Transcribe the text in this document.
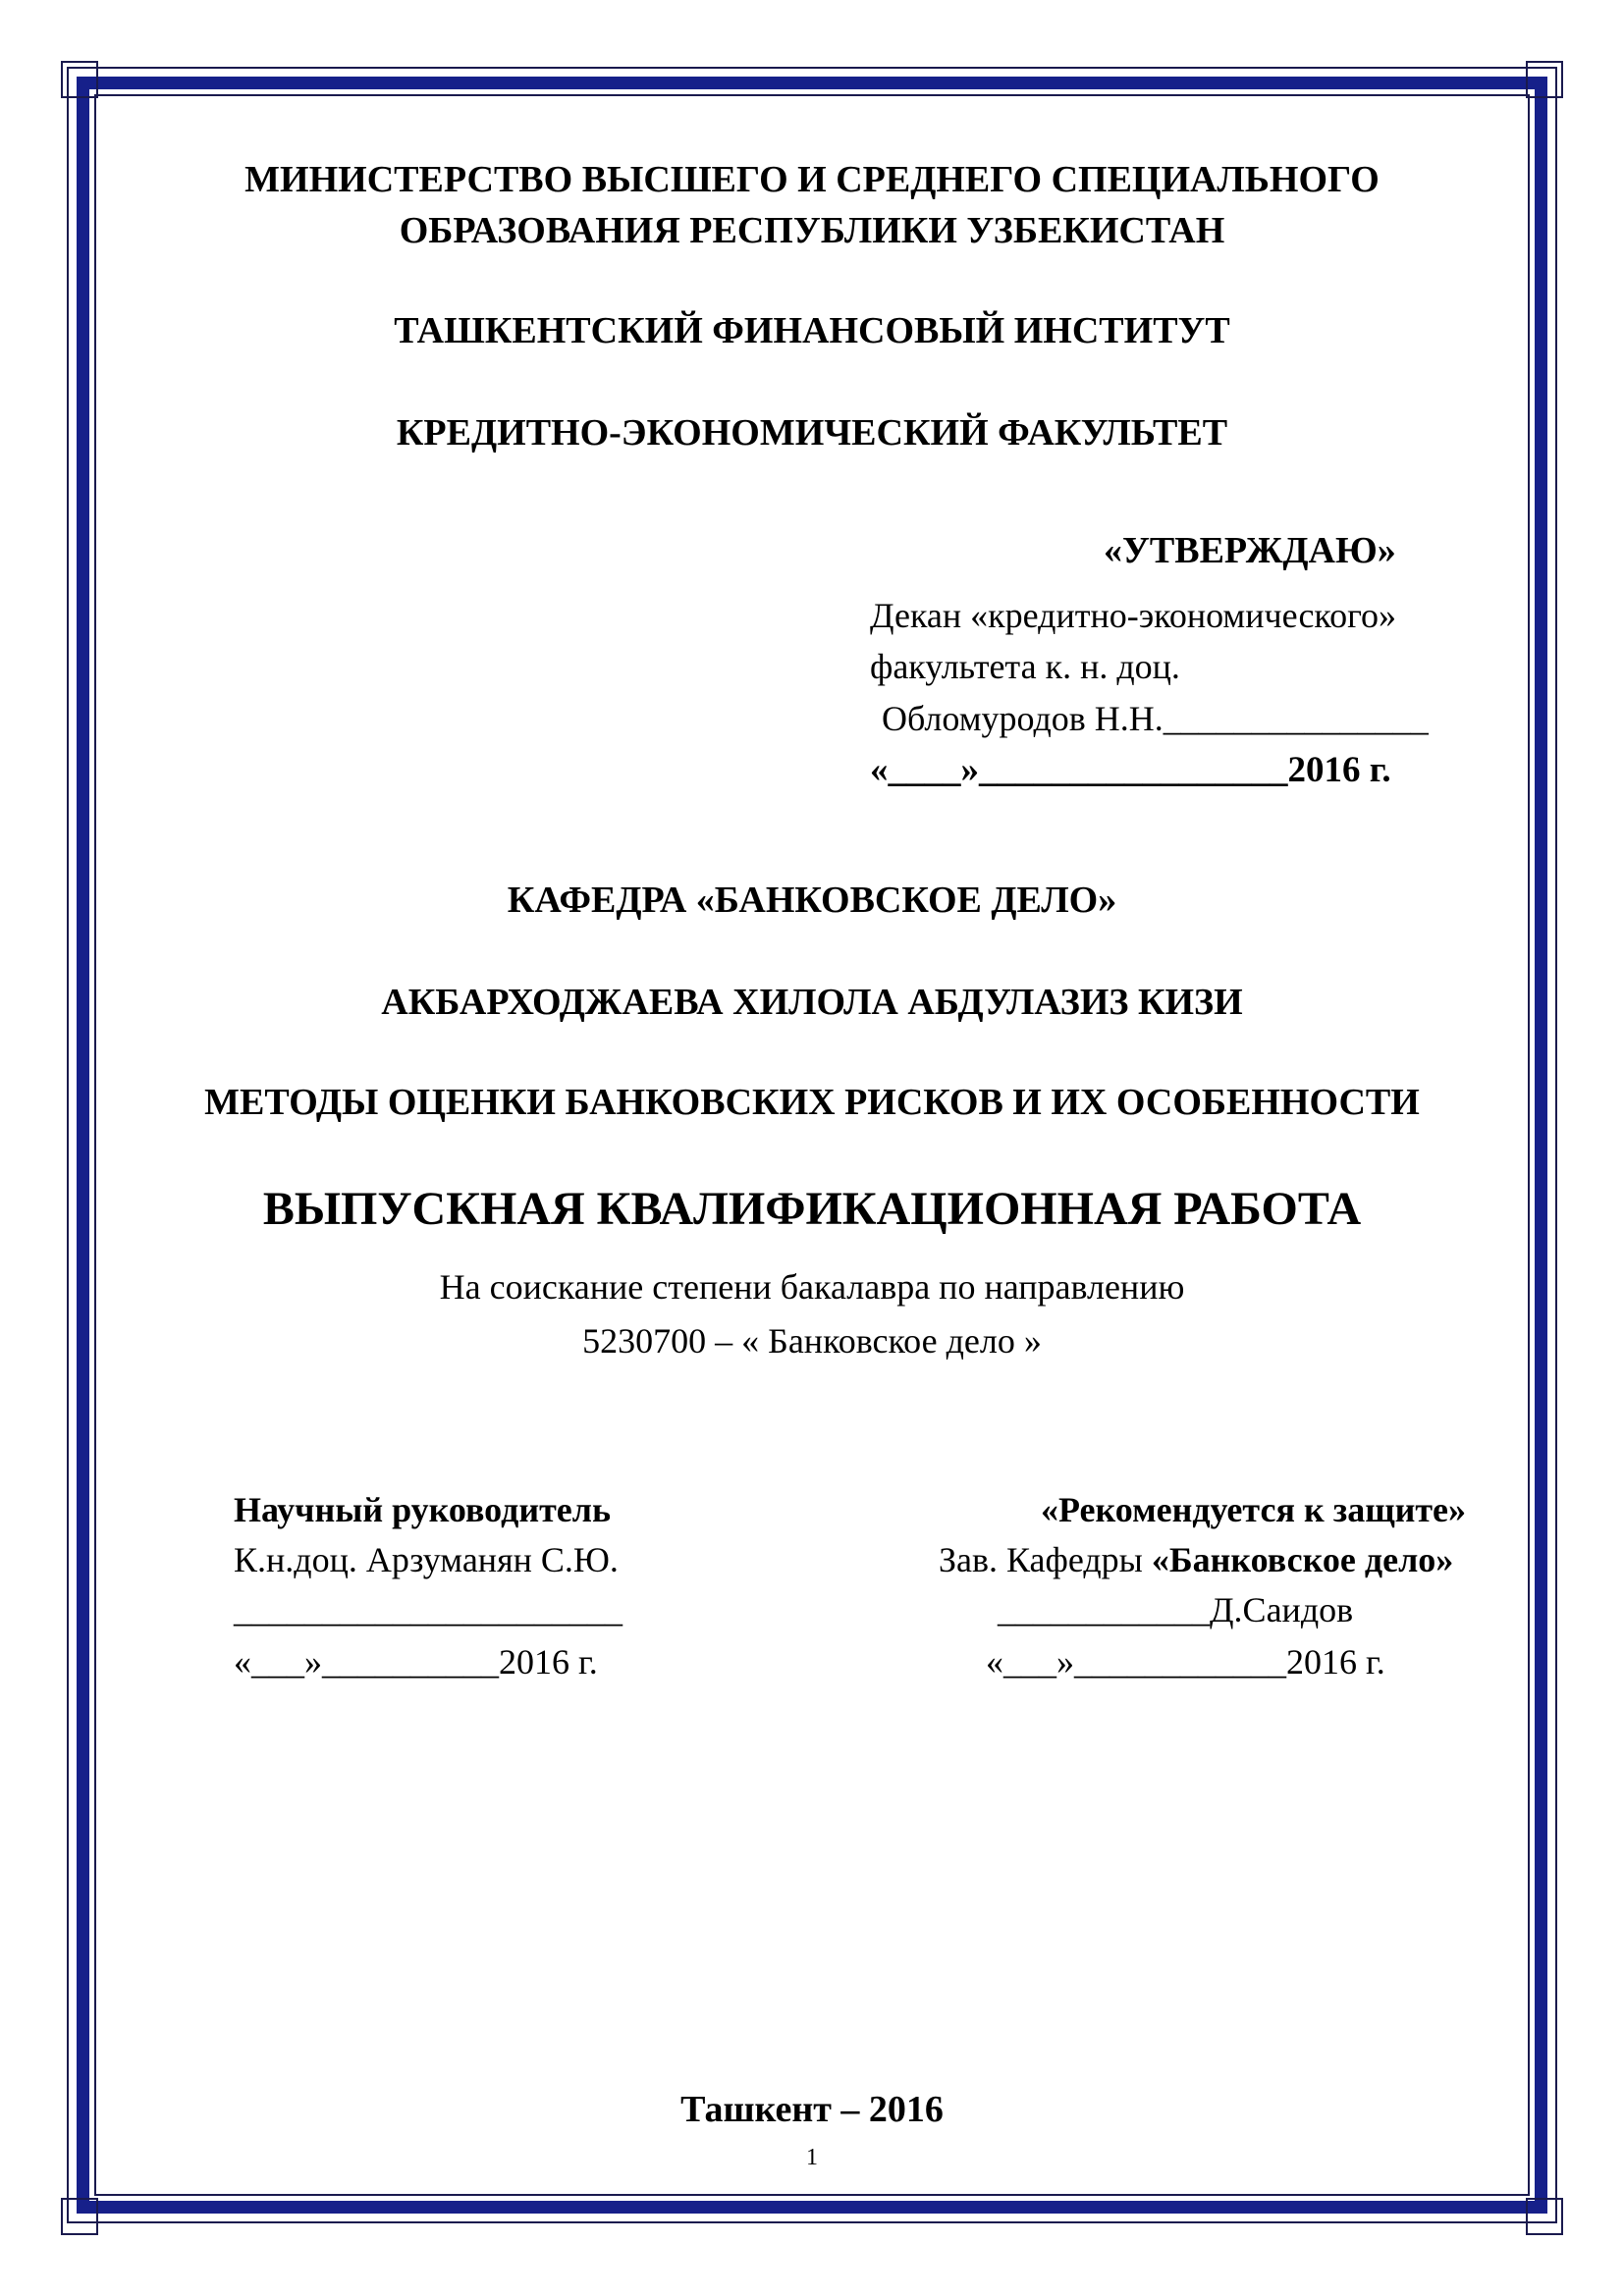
МИНИСТЕРСТВО ВЫСШЕГО И СРЕДНЕГО СПЕЦИАЛЬНОГО
ОБРАЗОВАНИЯ РЕСПУБЛИКИ УЗБЕКИСТАН
ТАШКЕНТСКИЙ ФИНАНСОВЫЙ ИНСТИТУТ
КРЕДИТНО-ЭКОНОМИЧЕСКИЙ ФАКУЛЬТЕТ
«УТВЕРЖДАЮ»
Декан «кредитно-экономического»
факультета к. н. доц.
Обломуродов Н.Н._______________
«____»_________________2016 г.
КАФЕДРА «БАНКОВСКОЕ ДЕЛО»
АКБАРХОДЖАЕВА ХИЛОЛА АБДУЛАЗИЗ КИЗИ
МЕТОДЫ ОЦЕНКИ БАНКОВСКИХ РИСКОВ И ИХ ОСОБЕННОСТИ
ВЫПУСКНАЯ КВАЛИФИКАЦИОННАЯ РАБОТА
На соискание степени бакалавра по направлению
5230700 – « Банковское дело »
Научный руководитель
К.н.доц. Арзуманян С.Ю.
______________________
«___»__________2016 г.
«Рекомендуется к защите»
Зав. Кафедры «Банковское дело»
____________Д.Саидов
«___»____________2016 г.
Ташкент – 2016
1
